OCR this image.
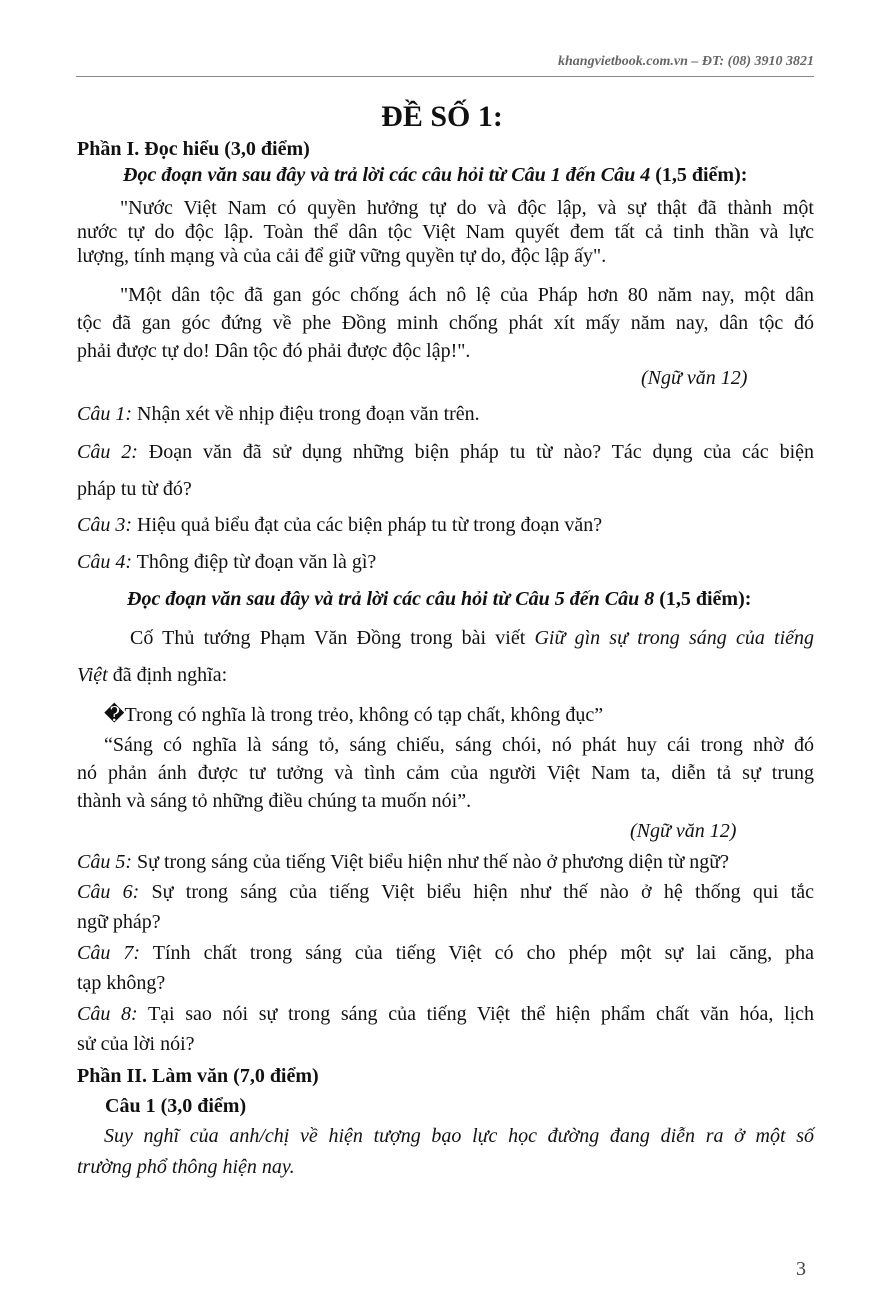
khangvietbook.com.vn – ĐT: (08) 3910 3821
ĐỀ SỐ 1:
Phần I. Đọc hiểu (3,0 điểm)
Đọc đoạn văn sau đây và trả lời các câu hỏi từ Câu 1 đến Câu 4 (1,5 điểm):
"Nước Việt Nam có quyền hưởng tự do và độc lập, và sự thật đã thành một
nước tự do độc lập. Toàn thể dân tộc Việt Nam quyết đem tất cả tinh thần và lực
lượng, tính mạng và của cải để giữ vững quyền tự do, độc lập ấy".
"Một dân tộc đã gan góc chống ách nô lệ của Pháp hơn 80 năm nay, một dân
tộc đã gan góc đứng về phe Đồng minh chống phát xít mấy năm nay, dân tộc đó
phải được tự do! Dân tộc đó phải được độc lập!".
(Ngữ văn 12)
Câu 1: Nhận xét về nhịp điệu trong đoạn văn trên.
Câu 2: Đoạn văn đã sử dụng những biện pháp tu từ nào? Tác dụng của các biện
pháp tu từ đó?
Câu 3: Hiệu quả biểu đạt của các biện pháp tu từ trong đoạn văn?
Câu 4: Thông điệp từ đoạn văn là gì?
Đọc đoạn văn sau đây và trả lời các câu hỏi từ Câu 5 đến Câu 8 (1,5 điểm):
Cố Thủ tướng Phạm Văn Đồng trong bài viết Giữ gìn sự trong sáng của tiếng
Việt đã định nghĩa:
�Trong có nghĩa là trong trẻo, không có tạp chất, không đục”
“Sáng có nghĩa là sáng tỏ, sáng chiếu, sáng chói, nó phát huy cái trong nhờ đó
nó phản ánh được tư tưởng và tình cảm của người Việt Nam ta, diễn tả sự trung
thành và sáng tỏ những điều chúng ta muốn nói”.
(Ngữ văn 12)
Câu 5: Sự trong sáng của tiếng Việt biểu hiện như thế nào ở phương diện từ ngữ?
Câu 6: Sự trong sáng của tiếng Việt biểu hiện như thế nào ở hệ thống qui tắc
ngữ pháp?
Câu 7: Tính chất trong sáng của tiếng Việt có cho phép một sự lai căng, pha
tạp không?
Câu 8: Tại sao nói sự trong sáng của tiếng Việt thể hiện phẩm chất văn hóa, lịch
sử của lời nói?
Phần II. Làm văn (7,0 điểm)
Câu 1 (3,0 điểm)
Suy nghĩ của anh/chị về hiện tượng bạo lực học đường đang diễn ra ở một số
trường phổ thông hiện nay.
3
